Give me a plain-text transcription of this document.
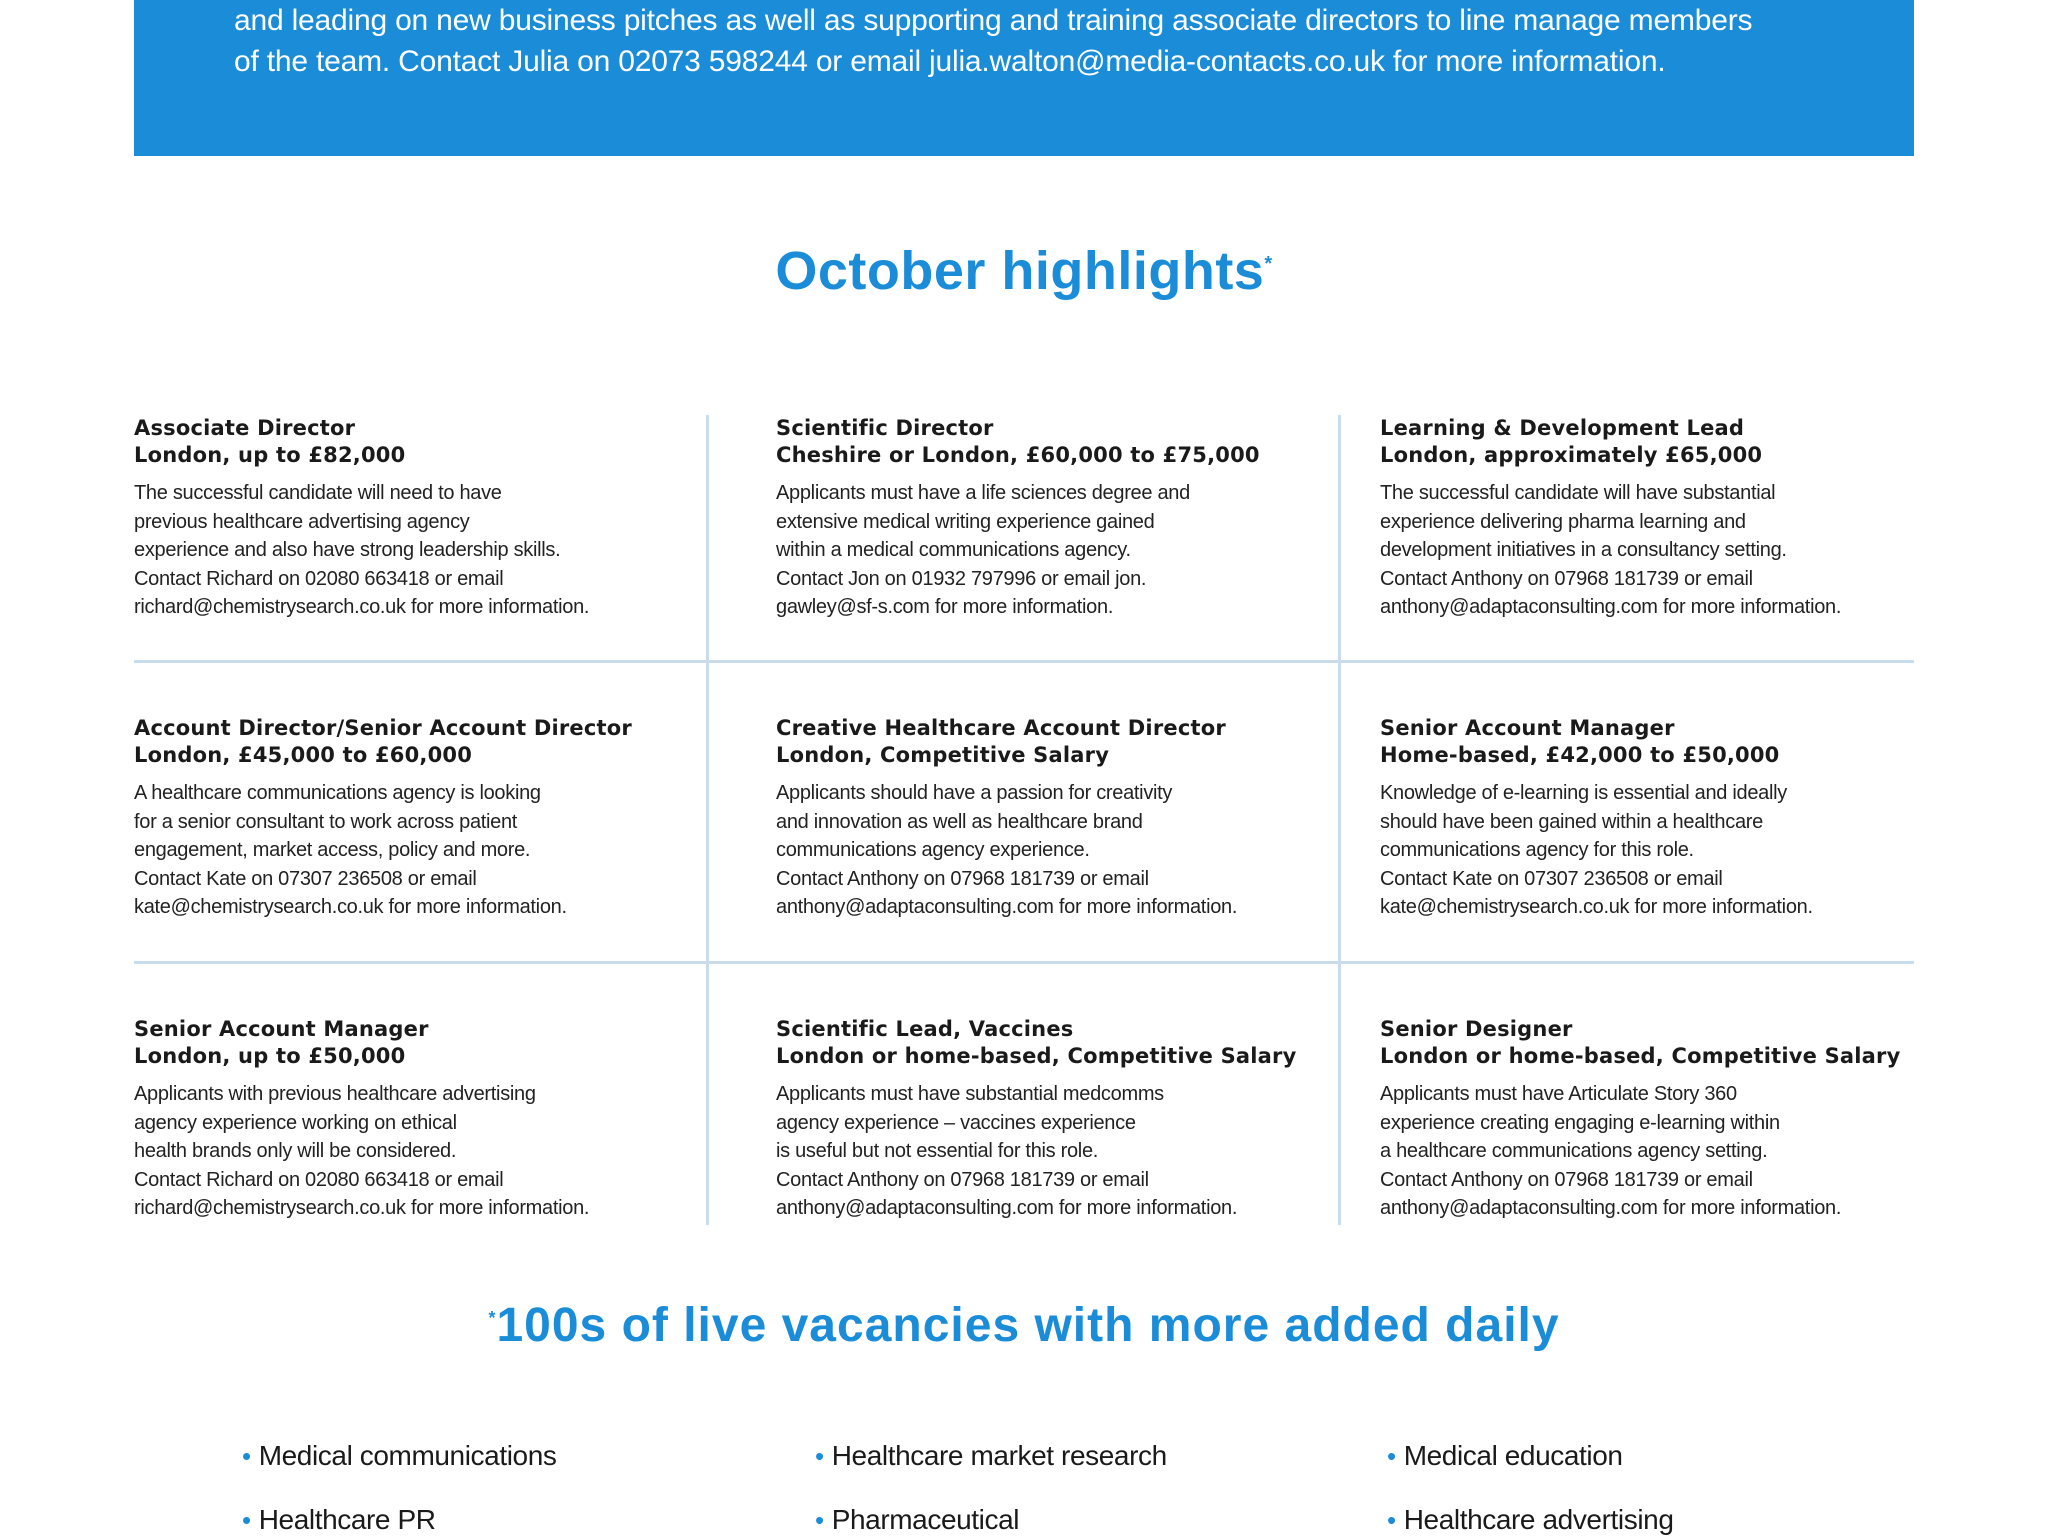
and leading on new business pitches as well as supporting and training associate directors to line manage members

of the team. Contact Julia on 02073 598244 or email julia.walton@media-contacts.co.uk for more information.

October highlights*

Associate Director

London, up to £82,000

The successful candidate will need to have
previous healthcare advertising agency
experience and also have strong leadership skills.
Contact Richard on 02080 663418 or email
richard@chemistrysearch.co.uk for more information.

Scientific Director

Cheshire or London, £60,000 to £75,000

Applicants must have a life sciences degree and
extensive medical writing experience gained
within a medical communications agency.
Contact Jon on 01932 797996 or email jon.
gawley@sf-s.com for more information.

Learning & Development Lead

London, approximately £65,000

The successful candidate will have substantial
experience delivering pharma learning and
development initiatives in a consultancy setting.
Contact Anthony on 07968 181739 or email
anthony@adaptaconsulting.com for more information.

Account Director/Senior Account Director

London, £45,000 to £60,000

A healthcare communications agency is looking
for a senior consultant to work across patient
engagement, market access, policy and more.
Contact Kate on 07307 236508 or email
kate@chemistrysearch.co.uk for more information.

Creative Healthcare Account Director

London, Competitive Salary

Applicants should have a passion for creativity
and innovation as well as healthcare brand
communications agency experience.
Contact Anthony on 07968 181739 or email
anthony@adaptaconsulting.com for more information.

Senior Account Manager

Home-based, £42,000 to £50,000

Knowledge of e-learning is essential and ideally
should have been gained within a healthcare
communications agency for this role.
Contact Kate on 07307 236508 or email
kate@chemistrysearch.co.uk for more information.

Senior Account Manager

London, up to £50,000

Applicants with previous healthcare advertising
agency experience working on ethical
health brands only will be considered.
Contact Richard on 02080 663418 or email
richard@chemistrysearch.co.uk for more information.

Scientific Lead, Vaccines

London or home-based, Competitive Salary

Applicants must have substantial medcomms
agency experience – vaccines experience
is useful but not essential for this role.
Contact Anthony on 07968 181739 or email
anthony@adaptaconsulting.com for more information.

Senior Designer

London or home-based, Competitive Salary

Applicants must have Articulate Story 360
experience creating engaging e-learning within
a healthcare communications agency setting.
Contact Anthony on 07968 181739 or email
anthony@adaptaconsulting.com for more information.
*100s of live vacancies with more added daily
• Medical communications	• Healthcare market research	• Medical education
• Healthcare PR	• Pharmaceutical	• Healthcare advertising
